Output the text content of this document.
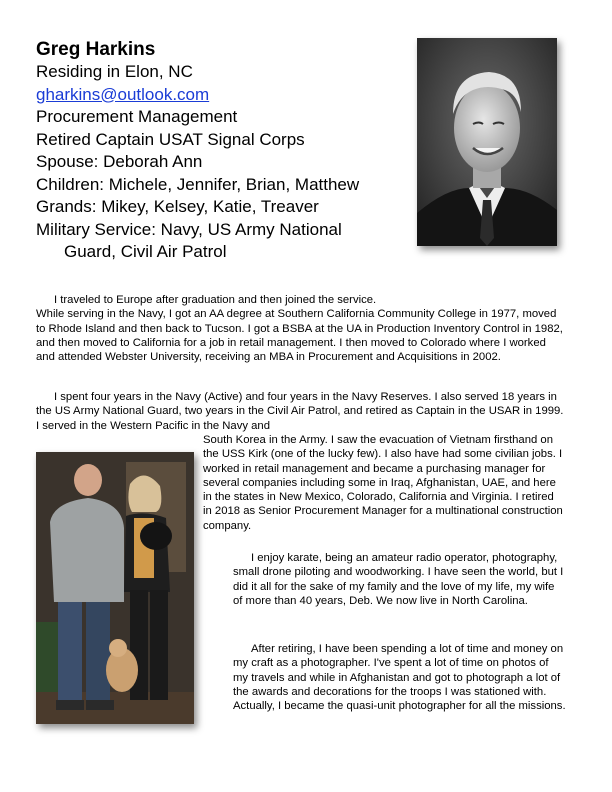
Greg Harkins
Residing in Elon, NC
gharkins@outlook.com
Procurement Management
Retired Captain USAT Signal Corps
Spouse: Deborah Ann
Children: Michele, Jennifer, Brian, Matthew
Grands: Mikey, Kelsey, Katie, Treaver
Military Service: Navy, US Army National
Guard, Civil Air Patrol

I traveled to Europe after graduation and then joined the service.
While serving in the Navy, I got an AA degree at Southern California Community College in 1977, moved to Rhode Island and then back to Tucson. I got a BSBA at the UA in Production Inventory Control in 1982, and then moved to California for a job in retail management. I then moved to Colorado where I worked and attended Webster University, receiving an MBA in Procurement and Acquisitions in 2002.

I spent four years in the Navy (Active) and four years in the Navy Reserves. I also served 18 years in the US Army National Guard, two years in the Civil Air Patrol, and retired as Captain in the USAR in 1999. I served in the Western Pacific in the Navy and

South Korea in the Army. I saw the evacuation of Vietnam firsthand on the USS Kirk (one of the lucky few). I also have had some civilian jobs. I worked in retail management and became a purchasing manager for several companies including some in Iraq, Afghanistan, UAE, and here in the states in New Mexico, Colorado, California and Virginia. I retired in 2018 as Senior Procurement Manager for a multinational construction company.

I enjoy karate, being an amateur radio operator, photography, small drone piloting and woodworking. I have seen the world, but I did it all for the sake of my family and the love of my life, my wife of more than 40 years, Deb. We now live in North Carolina.

After retiring, I have been spending a lot of time and money on my craft as a photographer. I've spent a lot of time on photos of my travels and while in Afghanistan and got to photograph a lot of the awards and decorations for the troops I was stationed with. Actually, I became the quasi-unit photographer for all the missions.
